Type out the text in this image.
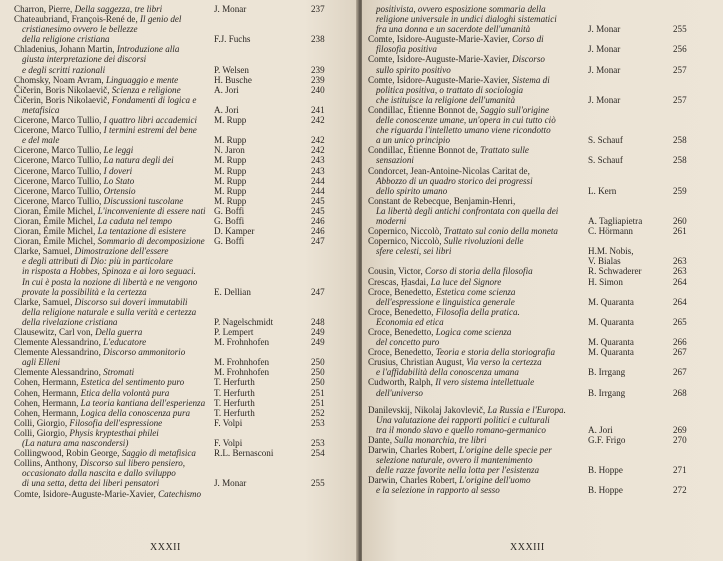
Charron, Pierre, Della saggezza, tre libri	J. Monar	237
Chateaubriand, François-René de, Il genio del
cristianesimo ovvero le bellezze
della religione cristiana	F.J. Fuchs	238
Chladenius, Johann Martin, Introduzione alla
giusta interpretazione dei discorsi
e degli scritti razionali	P. Welsen	239
Chomsky, Noam Avram, Linguaggio e mente	H. Busche	239
Čičerin, Boris Nikolaevič, Scienza e religione	A. Jori	240
Čičerin, Boris Nikolaevič, Fondamenti di logica e
metafisica	A. Jori	241
Cicerone, Marco Tullio, I quattro libri accademici	M. Rupp	242
Cicerone, Marco Tullio, I termini estremi del bene
e del male	M. Rupp	242
Cicerone, Marco Tullio, Le leggi	N. Jaron	242
Cicerone, Marco Tullio, La natura degli dei	M. Rupp	243
Cicerone, Marco Tullio, I doveri	M. Rupp	243
Cicerone, Marco Tullio, Lo Stato	M. Rupp	244
Cicerone, Marco Tullio, Ortensio	M. Rupp	244
Cicerone, Marco Tullio, Discussioni tuscolane	M. Rupp	245
Cioran, Émile Michel, L'inconveniente di essere nati G. Boffi	245
Cioran, Émile Michel, La caduta nel tempo	G. Boffi	246
Cioran, Émile Michel, La tentazione di esistere	D. Kamper	246
Cioran, Émile Michel, Sommario di decomposizione	G. Boffi	247
Clarke, Samuel, Dimostrazione dell'essere
e degli attributi di Dio: più in particolare
in risposta a Hobbes, Spinoza e ai loro seguaci.
In cui è posta la nozione di libertà e ne vengono
provate la possibilità e la certezza	E. Dellian	247
Clarke, Samuel, Discorso sui doveri immutabili
della religione naturale e sulla verità e certezza
della rivelazione cristiana	P. Nagelschmidt	248
Clausewitz, Carl von, Della guerra	P. Lempert	249
Clemente Alessandrino, L'educatore	M. Frohnhofen	249
Clemente Alessandrino, Discorso ammonitorio
agli Elleni	M. Frohnhofen	250
Clemente Alessandrino, Stromati	M. Frohnhofen	250
Cohen, Hermann, Estetica del sentimento puro	T. Herfurth	250
Cohen, Hermann, Etica della volontà pura	T. Herfurth	251
Cohen, Hermann, La teoria kantiana dell'esperienza T. Herfurth	251
Cohen, Hermann, Logica della conoscenza pura	T. Herfurth	252
Colli, Giorgio, Filosofia dell'espressione	F. Volpi	253
Colli, Giorgio, Physis kryptesthai philei
(La natura ama nascondersi)	F. Volpi	253
Collingwood, Robin George, Saggio di metafisica	R.L. Bernasconi	254
Collins, Anthony, Discorso sul libero pensiero,
occasionato dalla nascita e dallo sviluppo
di una setta, detta dei liberi pensatori	J. Monar	255
Comte, Isidore-Auguste-Marie-Xavier, Catechismo
XXXII
positivista, ovvero esposizione sommaria della
religione universale in undici dialoghi sistematici
fra una donna e un sacerdote dell'umanità	J. Monar	255
Comte, Isidore-Auguste-Marie-Xavier, Corso di
filosofia positiva	J. Monar	256
Comte, Isidore-Auguste-Marie-Xavier, Discorso
sullo spirito positivo	J. Monar	257
Comte, Isidore-Auguste-Marie-Xavier, Sistema di
politica positiva, o trattato di sociologia
che istituisce la religione dell'umanità	J. Monar	257
Condillac, Étienne Bonnot de, Saggio sull'origine
delle conoscenze umane, un'opera in cui tutto ciò
che riguarda l'intelletto umano viene ricondotto
a un unico principio	S. Schauf	258
Condillac, Étienne Bonnot de, Trattato sulle
sensazioni	S. Schauf	258
Condorcet, Jean-Antoine-Nicolas Caritat de,
Abbozzo di un quadro storico dei progressi
dello spirito umano	L. Kern	259
Constant de Rebecque, Benjamin-Henri,
La libertà degli antichi confrontata con quella dei
moderni	A. Tagliapietra	260
Copernico, Niccolò, Trattato sul conio della moneta	C. Hörmann	261
Copernico, Niccolò, Sulle rivoluzioni delle
sfere celesti, sei libri	H.M. Nobis,
V. Bialas	263
Cousin, Victor, Corso di storia della filosofia	R. Schwaderer	263
Crescas, Ḥasdai, La luce del Signore	H. Simon	264
Croce, Benedetto, Estetica come scienza
dell'espressione e linguistica generale	M. Quaranta	264
Croce, Benedetto, Filosofia della pratica.
Economia ed etica	M. Quaranta	265
Croce, Benedetto, Logica come scienza
del concetto puro	M. Quaranta	266
Croce, Benedetto, Teoria e storia della storiografia	M. Quaranta	267
Crusius, Christian August, Via verso la certezza
e l'affidabilità della conoscenza umana	B. Irrgang	267
Cudworth, Ralph, Il vero sistema intellettuale
dell'universo	B. Irrgang	268
Danilevskij, Nikolaj Jakovlevič, La Russia e l'Europa.
Una valutazione dei rapporti politici e culturali
tra il mondo slavo e quello romano-germanico	A. Jori	269
Dante, Sulla monarchia, tre libri	G.F. Frigo	270
Darwin, Charles Robert, L'origine delle specie per
selezione naturale, ovvero il mantenimento
delle razze favorite nella lotta per l'esistenza	B. Hoppe	271
Darwin, Charles Robert, L'origine dell'uomo
e la selezione in rapporto al sesso	B. Hoppe	272
XXXIII
